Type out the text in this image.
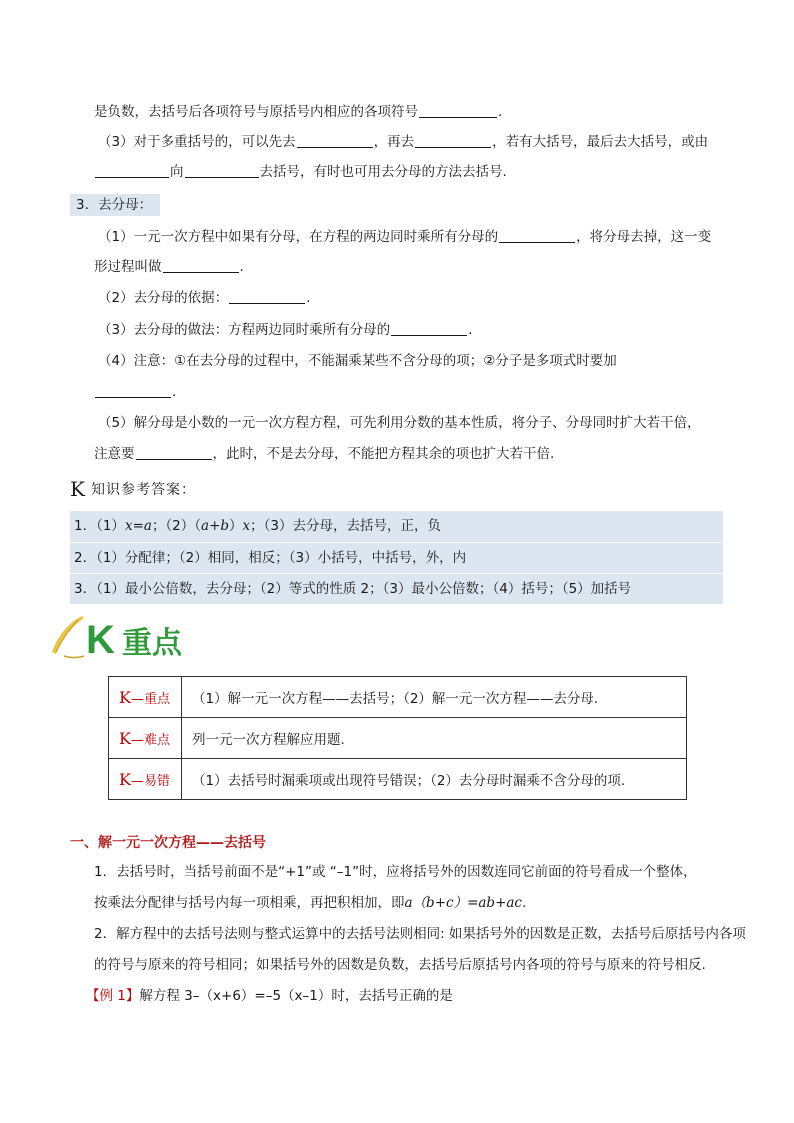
是负数，去括号后各项符号与原括号内相应的各项符号	.
（3）对于多重括号的，可以先去	，再去	，若有大括号，最后去大括号，或由
向	去括号，有时也可用去分母的方法去括号.
3．去分母：
（1）一元一次方程中如果有分母，在方程的两边同时乘所有分母的	，将分母去掉，这一变
形过程叫做	.
（2）去分母的依据：	.
（3）去分母的做法：方程两边同时乘所有分母的	.
（4）注意：①在去分母的过程中，不能漏乘某些不含分母的项；②分子是多项式时要加
.
（5）解分母是小数的一元一次方程方程，可先利用分数的基本性质，将分子、分母同时扩大若干倍，
注意要	，此时，不是去分母，不能把方程其余的项也扩大若干倍.
K 知识参考答案：
1．（1）x=a；（2）（a+b）x；（3）去分母，去括号，正，负
2．（1）分配律；（2）相同，相反；（3）小括号，中括号，外，内
3．（1）最小公倍数，去分母；（2）等式的性质 2；（3）最小公倍数；（4）括号；（5）加括号
K 重点
K—重点	（1）解一元一次方程——去括号；（2）解一元一次方程——去分母.
K—难点	列一元一次方程解应用题.
K—易错	（1）去括号时漏乘项或出现符号错误；（2）去分母时漏乘不含分母的项.
一、解一元一次方程——去括号
1．去括号时，当括号前面不是“+1”或 “–1”时，应将括号外的因数连同它前面的符号看成一个整体，
按乘法分配律与括号内每一项相乘，再把积相加，即a（b+c）=ab+ac.
2．解方程中的去括号法则与整式运算中的去括号法则相同: 如果括号外的因数是正数，去括号后原括号内各项
的符号与原来的符号相同；如果括号外的因数是负数，去括号后原括号内各项的符号与原来的符号相反.
【例 1】解方程 3–（x+6）=–5（x–1）时，去括号正确的是
